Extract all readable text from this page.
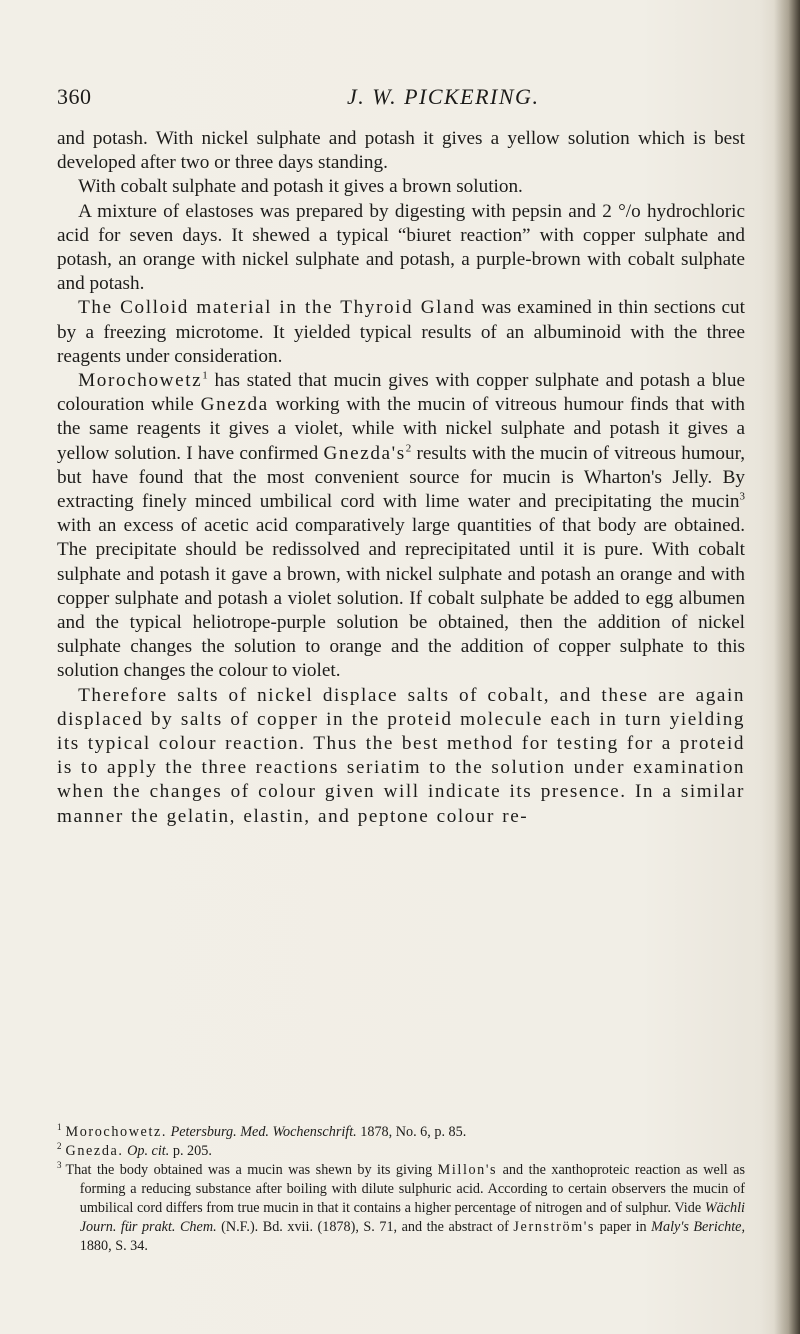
360	J. W. PICKERING.

and potash. With nickel sulphate and potash it gives a yellow solution which is best developed after two or three days standing.

With cobalt sulphate and potash it gives a brown solution.

A mixture of elastoses was prepared by digesting with pepsin and 2 °/o hydrochloric acid for seven days. It shewed a typical “biuret reaction” with copper sulphate and potash, an orange with nickel sulphate and potash, a purple-brown with cobalt sulphate and potash.

The Colloid material in the Thyroid Gland was examined in thin sections cut by a freezing microtome. It yielded typical results of an albuminoid with the three reagents under consideration.

Morochowetz$^1$ has stated that mucin gives with copper sulphate and potash a blue colouration while Gnezda working with the mucin of vitreous humour finds that with the same reagents it gives a violet, while with nickel sulphate and potash it gives a yellow solution. I have confirmed $Gnezda's^2$ results with the mucin of vitreous humour, but have found that the most convenient source for mucin is Wharton's Jelly. By extracting finely minced umbilical cord with lime water and precipitating the mucin$^3$ with an excess of acetic acid comparatively large quantities of that body are obtained. The precipitate should be redissolved and reprecipitated until it is pure. With cobalt sulphate and potash it gave a brown, with nickel sulphate and potash an orange and with copper sulphate and potash a violet solution. If cobalt sulphate be added to egg albumen and the typical heliotrope-purple solution be obtained, then the addition of nickel sulphate changes the solution to orange and the addition of copper sulphate to this solution changes the colour to violet.

Therefore salts of nickel displace salts of cobalt, and these are again displaced by salts of copper in the proteid molecule each in turn yielding its typical colour reaction. Thus the best method for testing for a proteid is to apply the three reactions seriatim to the solution under examination when the changes of colour given will indicate its presence. In a similar manner the gelatin, elastin, and peptone colour re-

$^1$ Morochowetz. Petersburg. Med. Wochenschrift. 1878, No. 6, p. 85.

$^2$ Gnezda. Op. cit. p. 205.

$^3$ That the body obtained was a mucin was shewn by its giving Millon's and the xanthoproteic reaction as well as forming a reducing substance after boiling with dilute sulphuric acid. According to certain observers the mucin of umbilical cord differs from true mucin in that it contains a higher percentage of nitrogen and of sulphur. Vide Wächli Journ. für prakt. Chem. (N.F.). Bd. xvii. (1878), S. 71, and the abstract of Jernström's paper in Maly's Berichte, 1880, S. 34.
